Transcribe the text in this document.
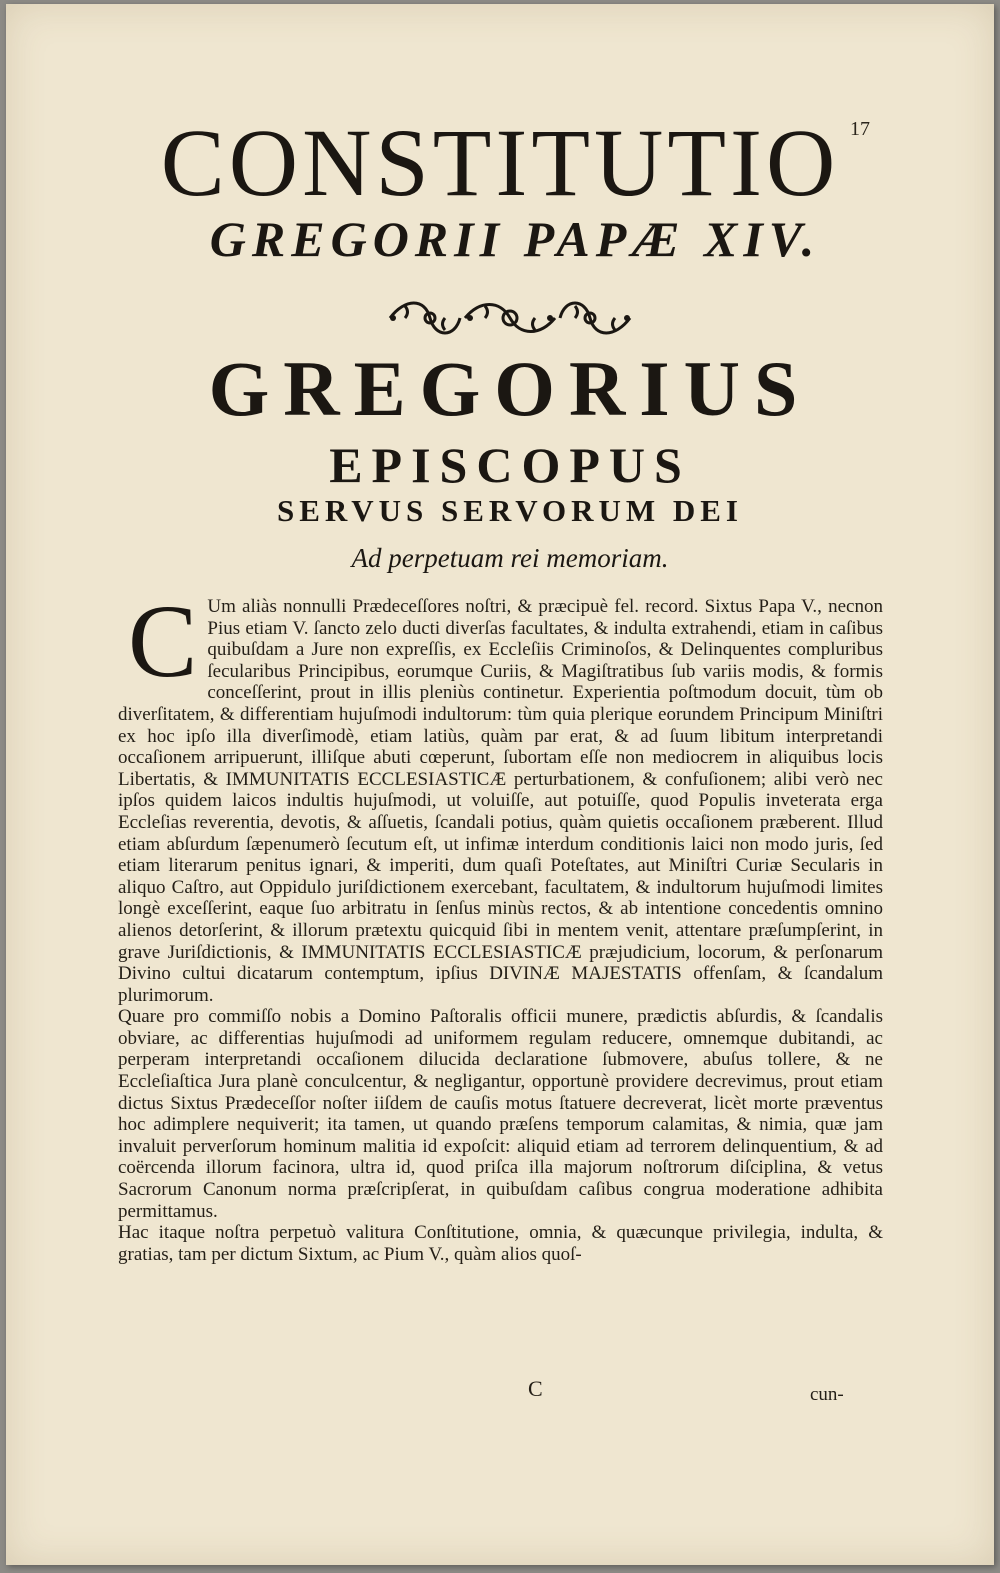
17

CONSTITUTIO
GREGORII PAPÆ XIV.
GREGORIUS
EPISCOPUS
SERVUS SERVORUM DEI

Ad perpetuam rei memoriam.

C Um aliàs nonnulli Prædeceſſores noſtri, & præcipuè fel. record. Sixtus Papa V., necnon Pius etiam V. ſancto zelo ducti diverſas facultates, & indulta extrahendi, etiam in caſibus quibuſdam a Jure non expreſſis, ex Eccleſiis Criminoſos, & Delinquentes compluribus ſecularibus Principibus, eorumque Curiis, & Magiſtratibus ſub variis modis, & formis conceſſerint, prout in illis pleniùs continetur. Experientia poſtmodum docuit, tùm ob diverſitatem, & differentiam hujuſmodi indultorum: tùm quia plerique eorundem Principum Miniſtri ex hoc ipſo illa diverſimodè, etiam latiùs, quàm par erat, & ad ſuum libitum interpretandi occaſionem arripuerunt, illiſque abuti cœperunt, ſubortam eſſe non mediocrem in aliquibus locis Libertatis, & IMMUNITATIS ECCLESIASTICÆ perturbationem, & confuſionem; alibi verò nec ipſos quidem laicos indultis hujuſmodi, ut voluiſſe, aut potuiſſe, quod Populis inveterata erga Eccleſias reverentia, devotis, & aſſuetis, ſcandali potius, quàm quietis occaſionem præberent. Illud etiam abſurdum ſæpenumerò ſecutum eſt, ut infimæ interdum conditionis laici non modo juris, ſed etiam literarum penitus ignari, & imperiti, dum quaſi Poteſtates, aut Miniſtri Curiæ Secularis in aliquo Caſtro, aut Oppidulo juriſdictionem exercebant, facultatem, & indultorum hujuſmodi limites longè exceſſerint, eaque ſuo arbitratu in ſenſus minùs rectos, & ab intentione concedentis omnino alienos detorſerint, & illorum prætextu quicquid ſibi in mentem venit, attentare præſumpſerint, in grave Juriſdictionis, & IMMUNITATIS ECCLESIASTICÆ præjudicium, locorum, & perſonarum Divino cultui dicatarum contemptum, ipſius DIVINÆ MAJESTATIS offenſam, & ſcandalum plurimorum.

Quare pro commiſſo nobis a Domino Paſtoralis officii munere, prædictis abſurdis, & ſcandalis obviare, ac differentias hujuſmodi ad uniformem regulam reducere, omnemque dubitandi, ac perperam interpretandi occaſionem dilucida declaratione ſubmovere, abuſus tollere, & ne Eccleſiaſtica Jura planè conculcentur, & negligantur, opportunè providere decrevimus, prout etiam dictus Sixtus Prædeceſſor noſter iiſdem de cauſis motus ſtatuere decreverat, licèt morte præventus hoc adimplere nequiverit; ita tamen, ut quando præſens temporum calamitas, & nimia, quæ jam invaluit perverſorum hominum malitia id expoſcit: aliquid etiam ad terrorem delinquentium, & ad coërcenda illorum facinora, ultra id, quod priſca illa majorum noſtrorum diſciplina, & vetus Sacrorum Canonum norma præſcripſerat, in quibuſdam caſibus congrua moderatione adhibita permittamus.

Hac itaque noſtra perpetuò valitura Conſtitutione, omnia, & quæcunque privilegia, indulta, & gratias, tam per dictum Sixtum, ac Pium V., quàm alios quoſ-

C	cun-
